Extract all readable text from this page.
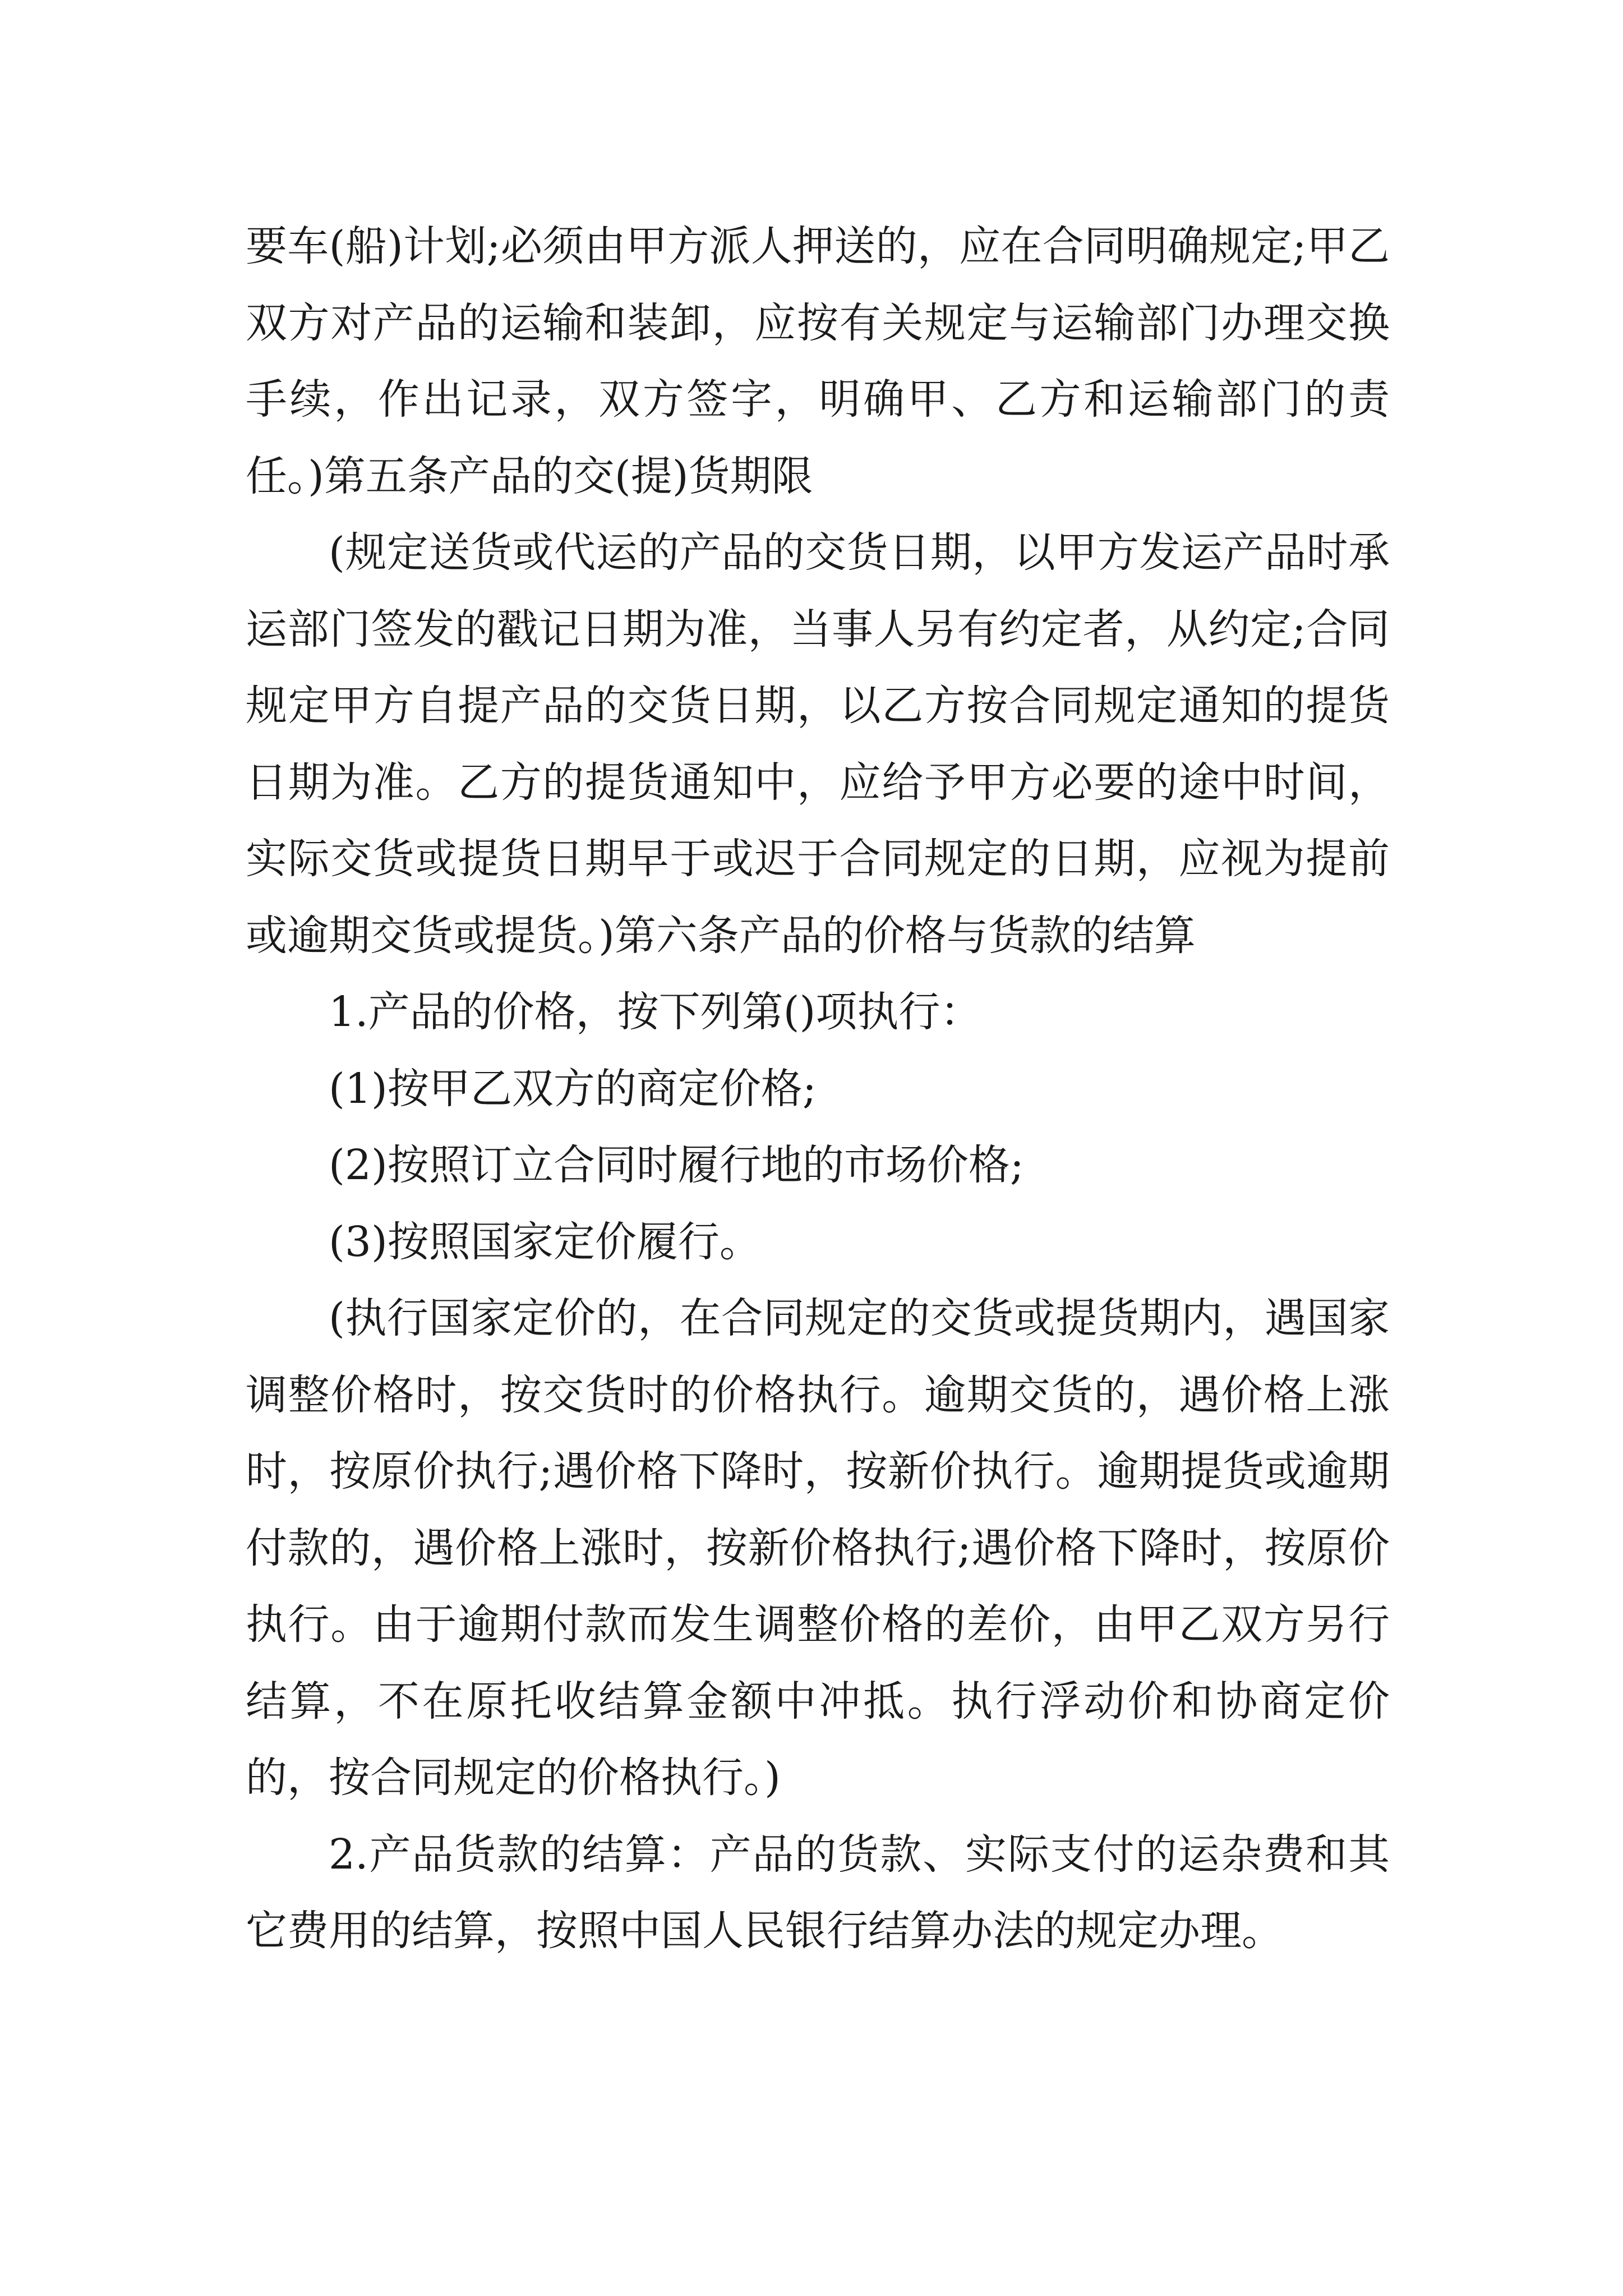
要车(船)计划;必须由甲方派人押送的，应在合同明确规定;甲乙双方对产品的运输和装卸，应按有关规定与运输部门办理交换手续，作出记录，双方签字，明确甲、乙方和运输部门的责任。)第五条产品的交(提)货期限

(规定送货或代运的产品的交货日期，以甲方发运产品时承运部门签发的戳记日期为准，当事人另有约定者，从约定;合同规定甲方自提产品的交货日期，以乙方按合同规定通知的提货日期为准。乙方的提货通知中，应给予甲方必要的途中时间，实际交货或提货日期早于或迟于合同规定的日期，应视为提前或逾期交货或提货。)第六条产品的价格与货款的结算

1.产品的价格，按下列第()项执行：

(1)按甲乙双方的商定价格;

(2)按照订立合同时履行地的市场价格;

(3)按照国家定价履行。

(执行国家定价的，在合同规定的交货或提货期内，遇国家调整价格时，按交货时的价格执行。逾期交货的，遇价格上涨时，按原价执行;遇价格下降时，按新价执行。逾期提货或逾期付款的，遇价格上涨时，按新价格执行;遇价格下降时，按原价执行。由于逾期付款而发生调整价格的差价，由甲乙双方另行结算，不在原托收结算金额中冲抵。执行浮动价和协商定价的，按合同规定的价格执行。)

2.产品货款的结算：产品的货款、实际支付的运杂费和其它费用的结算，按照中国人民银行结算办法的规定办理。
